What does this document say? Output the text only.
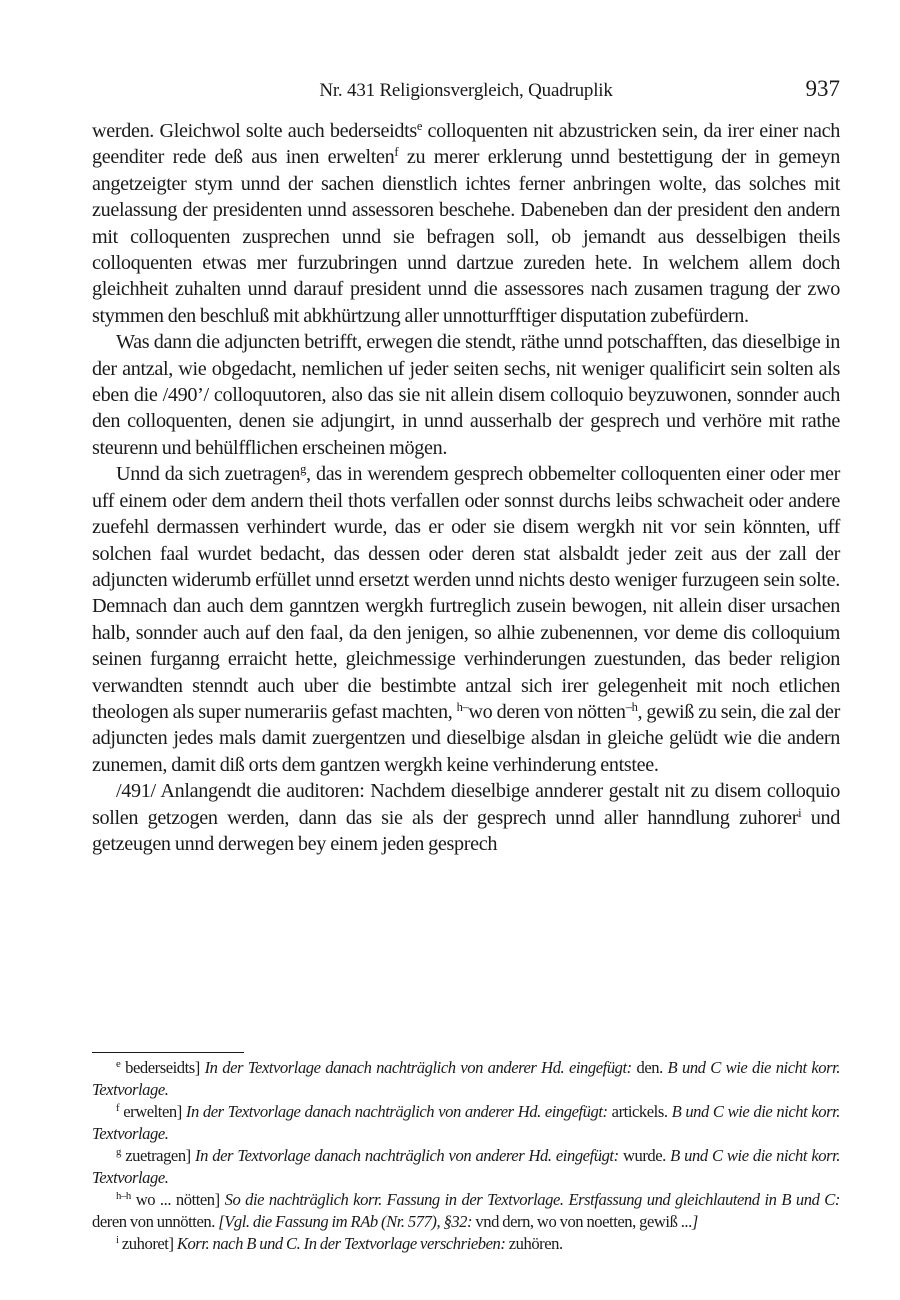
Nr. 431 Religionsvergleich, Quadruplik	937

werden. Gleichwol solte auch bederseidts$^e$ colloquenten nit abzustricken sein, da irer einer nach geenditer rede deß aus inen erwelten$^f$ zu merer erklerung unnd bestettigung der in gemeyn angetzeigter stym unnd der sachen dienstlich ichtes ferner anbringen wolte, das solches mit zuelassung der presidenten unnd assessoren beschehe. Dabeneben dan der president den andern mit colloquenten zusprechen unnd sie befragen soll, ob jemandt aus desselbigen theils colloquenten etwas mer furzubringen unnd dartzue zureden hete. In welchem allem doch gleichheit zuhalten unnd darauf president unnd die assessores nach zusamen tragung der zwo stymmen den beschluß mit abkhürtzung aller unnotturfftiger disputation zubefürdern.

Was dann die adjuncten betrifft, erwegen die stendt, räthe unnd potschafften, das dieselbige in der antzal, wie obgedacht, nemlichen uf jeder seiten sechs, nit weniger qualificirt sein solten als eben die /490’/ colloquutoren, also das sie nit allein disem colloquio beyzuwonen, sonnder auch den colloquenten, denen sie adjungirt, in unnd ausserhalb der gesprech und verhöre mit rathe steurenn und behülfflichen erscheinen mögen.

Unnd da sich zuetragen$^g$, das in werendem gesprech obbemelter colloquenten einer oder mer uff einem oder dem andern theil thots verfallen oder sonnst durchs leibs schwacheit oder andere zuefehl dermassen verhindert wurde, das er oder sie disem wergkh nit vor sein könnten, uff solchen faal wurdet bedacht, das dessen oder deren stat alsbaldt jeder zeit aus der zall der adjuncten widerumb erfüllet unnd ersetzt werden unnd nichts desto weniger furzugeen sein solte. Demnach dan auch dem ganntzen wergkh furtreglich zusein bewogen, nit allein diser ursachen halb, sonnder auch auf den faal, da den jenigen, so alhie zubenennen, vor deme dis colloquium seinen furganng erraicht hette, gleichmessige verhinderungen zuestunden, das beder religion verwandten stenndt auch uber die bestimbte antzal sich irer gelegenheit mit noch etlichen theologen als super numerariis gefast machten, $^{h-}$wo deren von nötten$^{-h}$, gewiß zu sein, die zal der adjuncten jedes mals damit zuergentzen und dieselbige alsdan in gleiche gelüdt wie die andern zunemen, damit diß orts dem gantzen wergkh keine verhinderung entstee.

/491/ Anlangendt die auditoren: Nachdem dieselbige annderer gestalt nit zu disem colloquio sollen getzogen werden, dann das sie als der gesprech unnd aller hanndlung zuhorer$^i$ und getzeugen unnd derwegen bey einem jeden gesprech

$^e$ bederseidts] In der Textvorlage danach nachträglich von anderer Hd. eingefügt: den. B und C wie die nicht korr. Textvorlage.

$^f$ erwelten] In der Textvorlage danach nachträglich von anderer Hd. eingefügt: artickels. B und C wie die nicht korr. Textvorlage.

$^g$ zuetragen] In der Textvorlage danach nachträglich von anderer Hd. eingefügt: wurde. B und C wie die nicht korr. Textvorlage.

$^{h-h}$ wo ... nötten] So die nachträglich korr. Fassung in der Textvorlage. Erstfassung und gleichlautend in B und C: deren von unnötten. [Vgl. die Fassung im RAb (Nr. 577), §32: vnd dern, wo von noetten, gewiß ...]

$^i$ zuhoret] Korr. nach B und C. In der Textvorlage verschrieben: zuhören.
